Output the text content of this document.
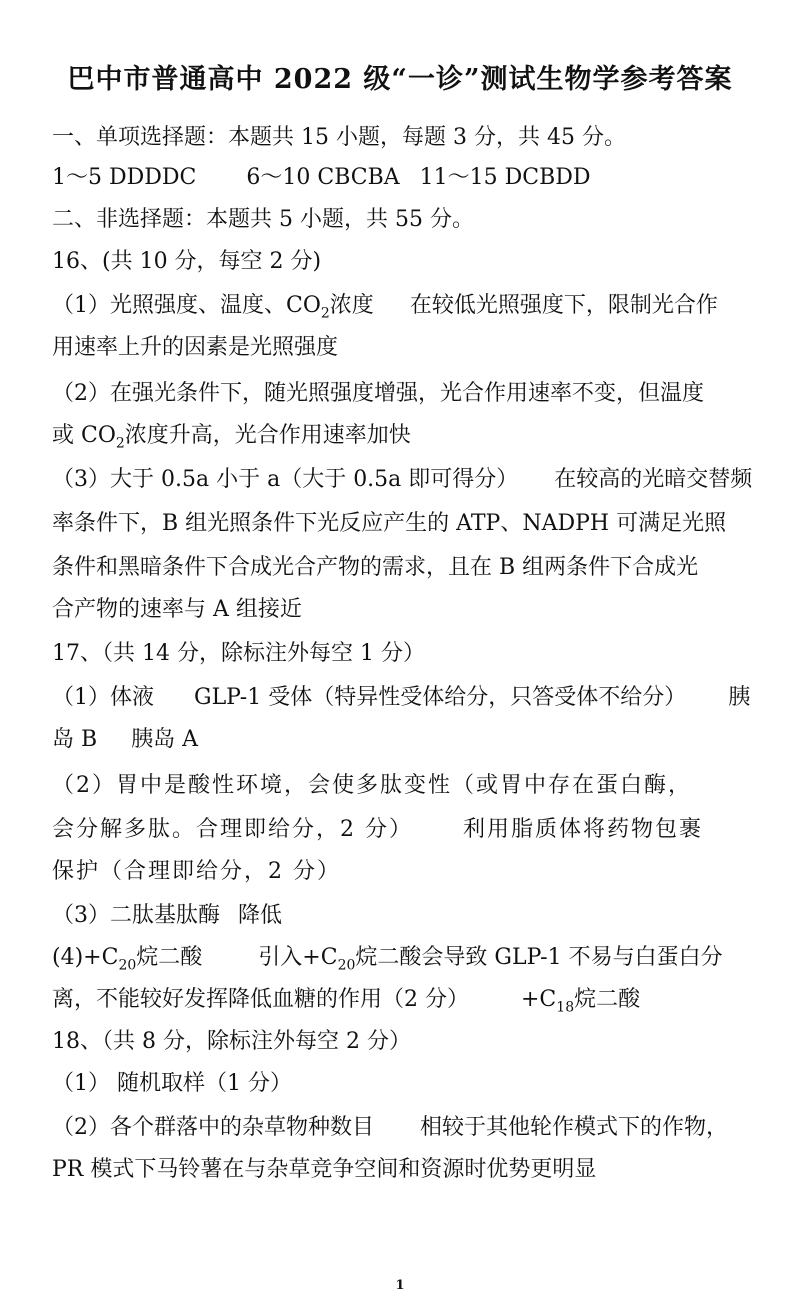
巴中市普通高中 2022 级“一诊”测试生物学参考答案
一、单项选择题：本题共 15 小题，每题 3 分，共 45 分。
1～5 DDDDC 6～10 CBCBA 11～15 DCBDD
二、非选择题：本题共 5 小题，共 55 分。
16、(共 10 分，每空 2 分)
（1）光照强度、温度、$CO_2$浓度 在较低光照强度下，限制光合作
用速率上升的因素是光照强度
（2）在强光条件下，随光照强度增强，光合作用速率不变，但温度
或 $CO_2$浓度升高，光合作用速率加快
（3）大于 0.5a 小于 a（大于 0.5a 即可得分） 在较高的光暗交替频
率条件下，B 组光照条件下光反应产生的 ATP、NADPH 可满足光照
条件和黑暗条件下合成光合产物的需求，且在 B 组两条件下合成光
合产物的速率与 A 组接近
17、（共 14 分，除标注外每空 1 分）
（1）体液 GLP-1 受体（特异性受体给分，只答受体不给分） 胰
岛 B 胰岛 A
（2）胃中是酸性环境，会使多肽变性（或胃中存在蛋白酶，
会分解多肽。合理即给分，2 分） 利用脂质体将药物包裹
保护（合理即给分，2 分）
（3）二肽基肽酶 降低
$(4)+C_{20}$烷二酸	引入$+C_{20}$烷二酸会导致 GLP-1 不易与白蛋白分
离，不能较好发挥降低血糖的作用（2 分） $+C_{18}$烷二酸
18、（共 8 分，除标注外每空 2 分）
（1） 随机取样（1 分）
（2）各个群落中的杂草物种数目 相较于其他轮作模式下的作物，
PR 模式下马铃薯在与杂草竞争空间和资源时优势更明显
1
